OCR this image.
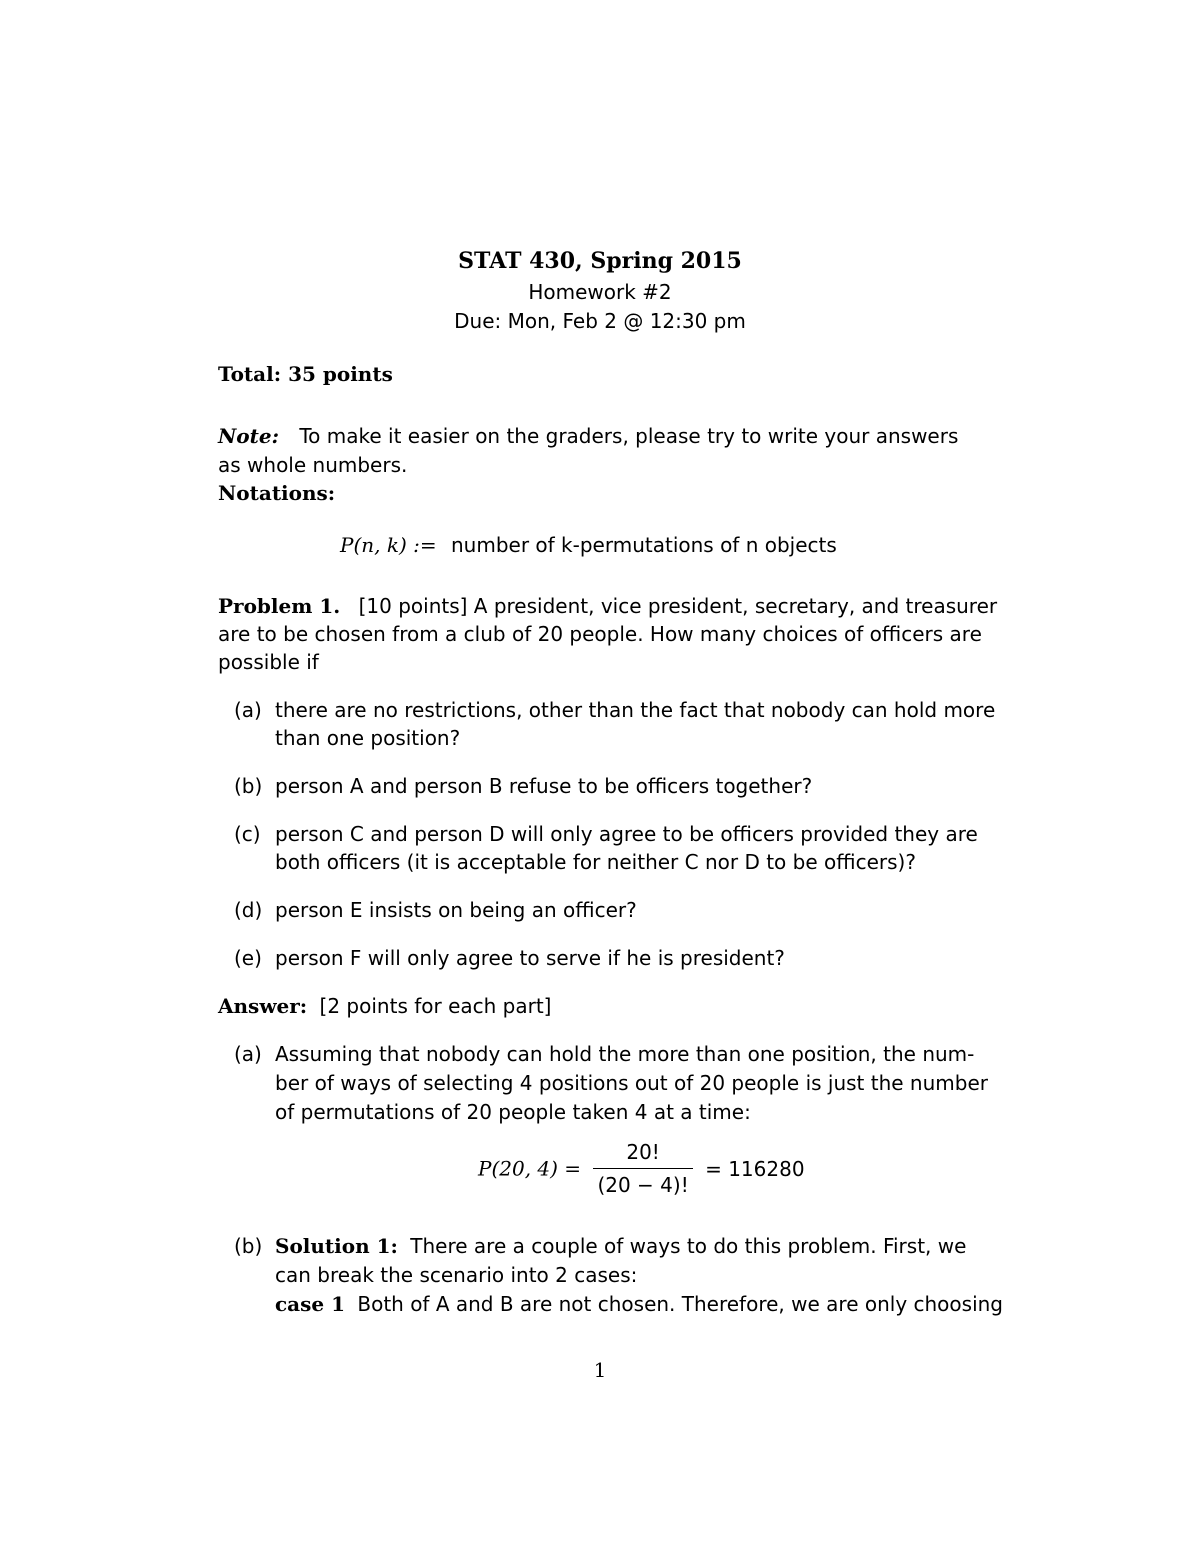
STAT 430, Spring 2015
Homework #2
Due: Mon, Feb 2 @ 12:30 pm
Total: 35 points
Note: To make it easier on the graders, please try to write your answers
as whole numbers.
Notations:
P(n, k) := number of k-permutations of n objects
Problem 1. [10 points] A president, vice president, secretary, and treasurer
are to be chosen from a club of 20 people. How many choices of officers are
possible if
(a) there are no restrictions, other than the fact that nobody can hold more
than one position?
(b) person A and person B refuse to be officers together?
(c) person C and person D will only agree to be officers provided they are
both officers (it is acceptable for neither C nor D to be officers)?
(d) person E insists on being an officer?
(e) person F will only agree to serve if he is president?
Answer: [2 points for each part]
(a) Assuming that nobody can hold the more than one position, the num-
ber of ways of selecting 4 positions out of 20 people is just the number
of permutations of 20 people taken 4 at a time:
P(20, $4) = \frac{20!}{(20 - 4)!} = 116280$
(b) Solution 1: There are a couple of ways to do this problem. First, we
can break the scenario into 2 cases:
case 1 Both of A and B are not chosen. Therefore, we are only choosing
1
